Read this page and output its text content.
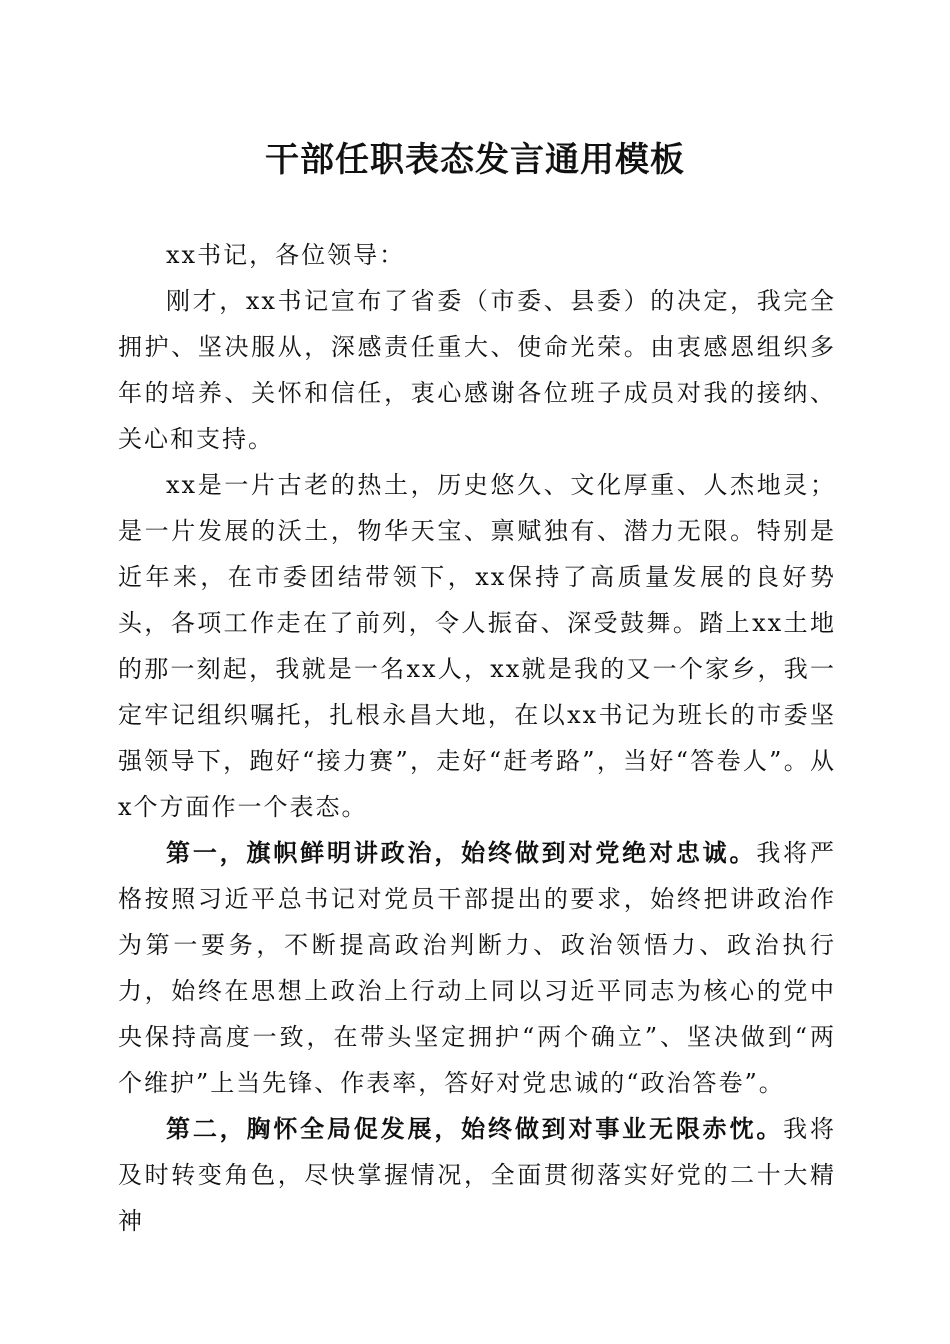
干部任职表态发言通用模板

xx书记，各位领导：

刚才，xx书记宣布了省委（市委、县委）的决定，我完全拥护、坚决服从，深感责任重大、使命光荣。由衷感恩组织多年的培养、关怀和信任，衷心感谢各位班子成员对我的接纳、关心和支持。

xx是一片古老的热土，历史悠久、文化厚重、人杰地灵；是一片发展的沃土，物华天宝、禀赋独有、潜力无限。特别是近年来，在市委团结带领下，xx保持了高质量发展的良好势头，各项工作走在了前列，令人振奋、深受鼓舞。踏上xx土地的那一刻起，我就是一名xx人，xx就是我的又一个家乡，我一定牢记组织嘱托，扎根永昌大地，在以xx书记为班长的市委坚强领导下，跑好“接力赛”，走好“赶考路”，当好“答卷人”。从x个方面作一个表态。

第一，旗帜鲜明讲政治，始终做到对党绝对忠诚。我将严格按照习近平总书记对党员干部提出的要求，始终把讲政治作为第一要务，不断提高政治判断力、政治领悟力、政治执行力，始终在思想上政治上行动上同以习近平同志为核心的党中央保持高度一致，在带头坚定拥护“两个确立”、坚决做到“两个维护”上当先锋、作表率，答好对党忠诚的“政治答卷”。

第二，胸怀全局促发展，始终做到对事业无限赤忱。我将及时转变角色，尽快掌握情况，全面贯彻落实好党的二十大精神
